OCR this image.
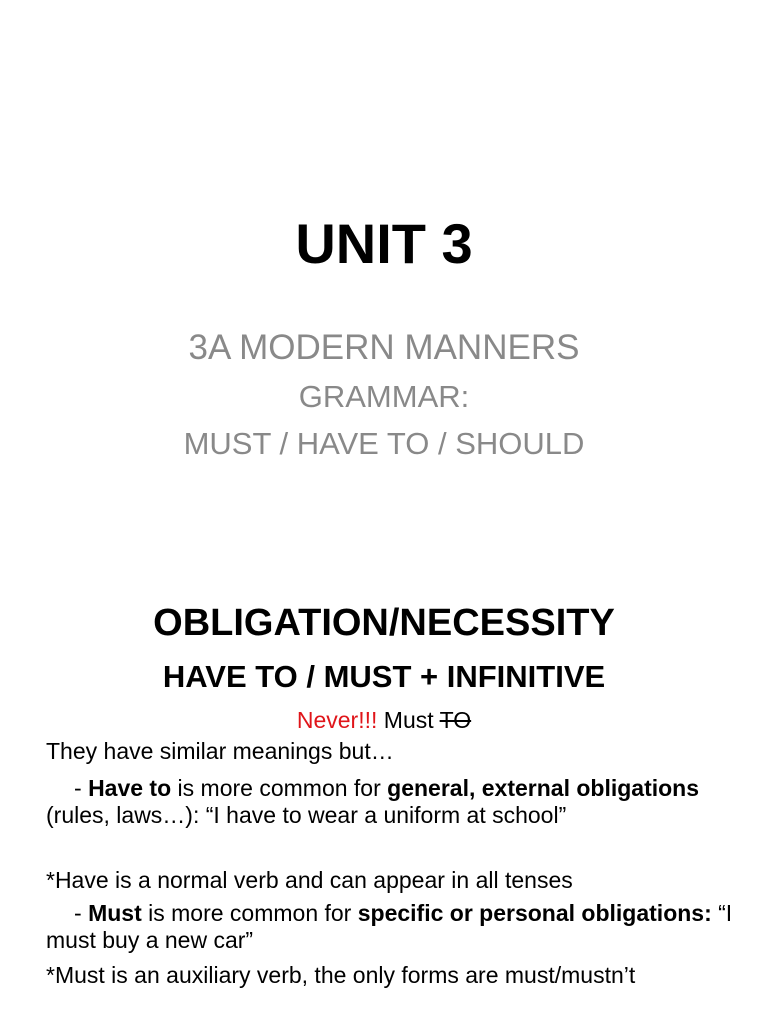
UNIT 3
3A MODERN MANNERS
GRAMMAR:
MUST / HAVE TO / SHOULD
OBLIGATION/NECESSITY
HAVE TO / MUST + INFINITIVE
Never!!! Must TO
They have similar meanings but…
- Have to is more common for general, external obligations (rules, laws…): “I have to wear a uniform at school”
*Have is a normal verb and can appear in all tenses
- Must is more common for specific or personal obligations: “I must buy a new car”
*Must is an auxiliary verb, the only forms are must/mustn’t
